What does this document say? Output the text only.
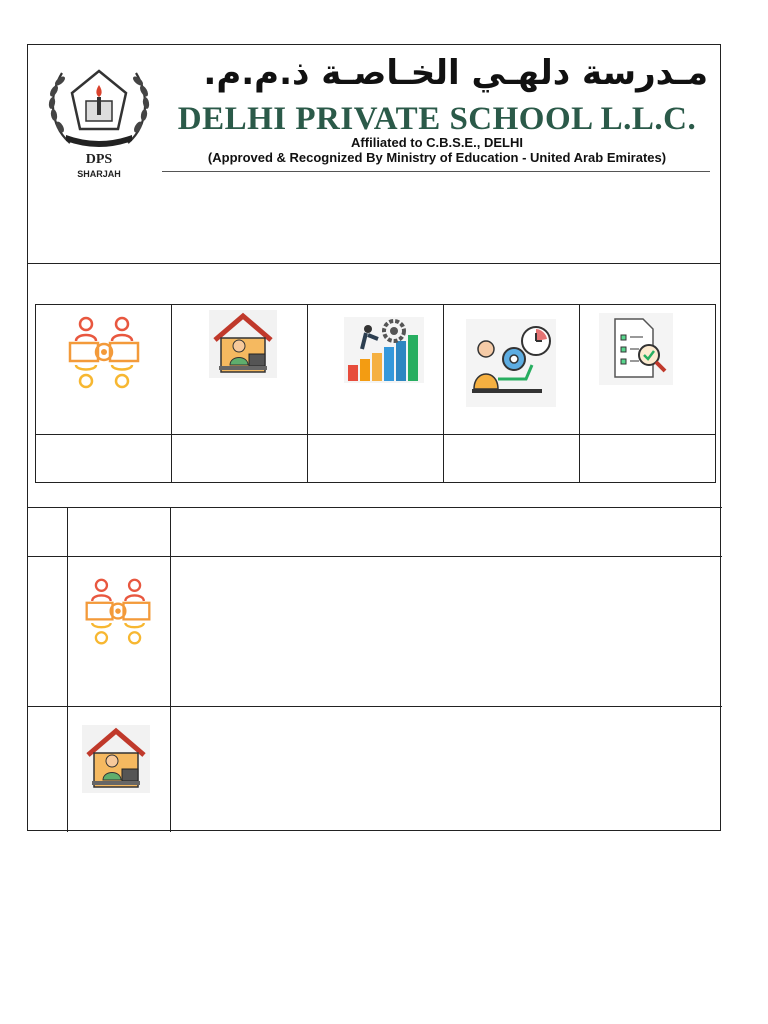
DPS
SHARJAH
مـدرسة دلهـي الخـاصـة ذ.م.م.
DELHI PRIVATE SCHOOL L.L.C.
Affiliated to C.B.S.E., DELHI
(Approved & Recognized By Ministry of Education - United Arab Emirates)
